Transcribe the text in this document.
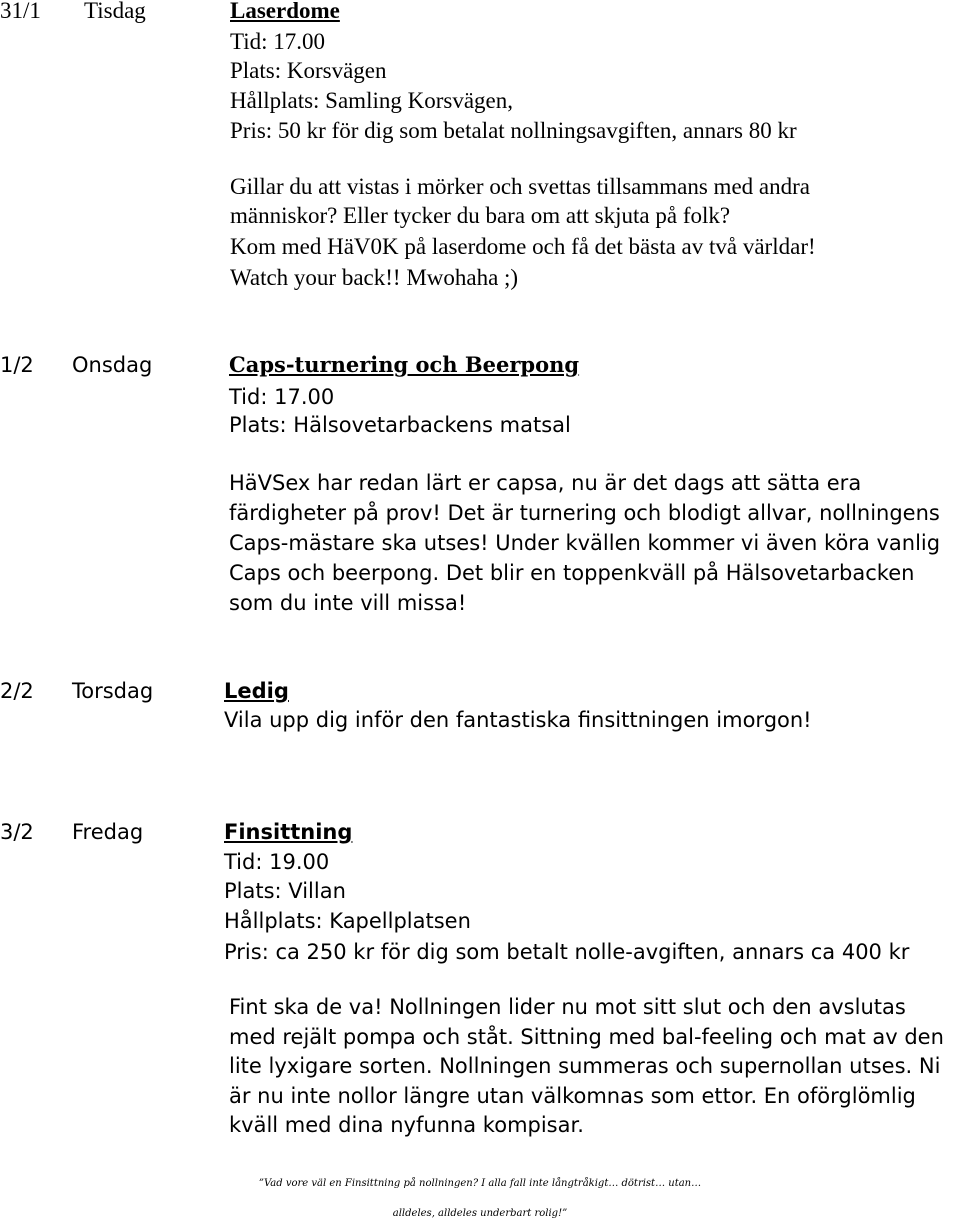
31/1 Tisdag	Laserdome
Tid: 17.00
Plats: Korsvägen
Hållplats: Samling Korsvägen,
Pris: 50 kr för dig som betalat nollningsavgiften, annars 80 kr
Gillar du att vistas i mörker och svettas tillsammans med andra
människor? Eller tycker du bara om att skjuta på folk?
Kom med HäV0K på laserdome och få det bästa av två världar!
Watch your back!! Mwohaha ;)
1/2 Onsdag	Caps-turnering och Beerpong
Tid: 17.00
Plats: Hälsovetarbackens matsal
HäVSex har redan lärt er capsa, nu är det dags att sätta era
färdigheter på prov! Det är turnering och blodigt allvar, nollningens
Caps-mästare ska utses! Under kvällen kommer vi även köra vanlig
Caps och beerpong. Det blir en toppenkväll på Hälsovetarbacken
som du inte vill missa!
2/2 Torsdag	Ledig
Vila upp dig inför den fantastiska finsittningen imorgon!
3/2 Fredag	Finsittning
Tid: 19.00
Plats: Villan
Hållplats: Kapellplatsen
Pris: ca 250 kr för dig som betalt nolle-avgiften, annars ca 400 kr
Fint ska de va! Nollningen lider nu mot sitt slut och den avslutas
med rejält pompa och ståt. Sittning med bal-feeling och mat av den
lite lyxigare sorten. Nollningen summeras och supernollan utses. Ni
är nu inte nollor längre utan välkomnas som ettor. En oförglömlig
kväll med dina nyfunna kompisar.
”Vad vore väl en Finsittning på nollningen? I alla fall inte långtråkigt… dötrist… utan…
alldeles, alldeles underbart rolig!”
